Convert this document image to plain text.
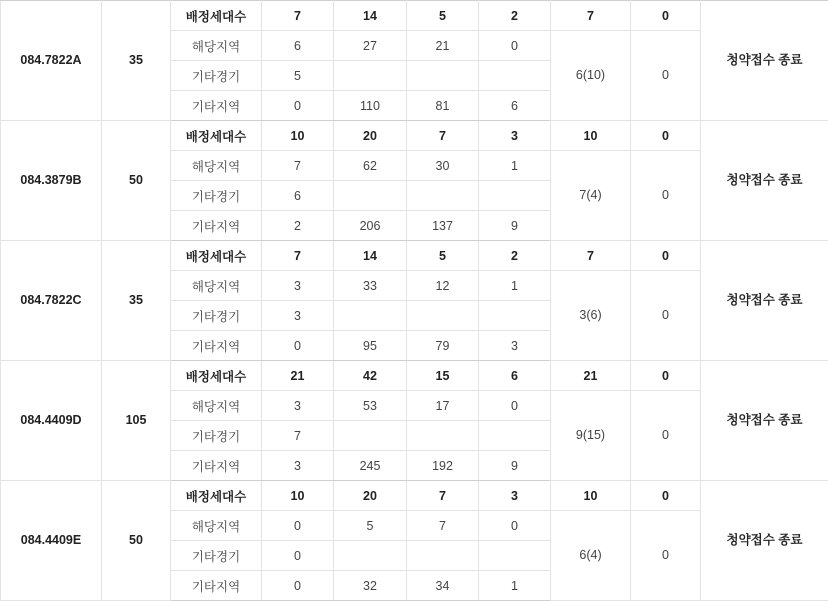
084.7822A	35	배정세대수	7	14	5	2	7	0	청약접수 종료
		해당지역	6	27	21	0	6(10)	0	
		기타경기	5						
		기타지역	0	110	81	6			
084.3879B	50	배정세대수	10	20	7	3	10	0	청약접수 종료
		해당지역	7	62	30	1	7(4)	0	
		기타경기	6						
		기타지역	2	206	137	9			
084.7822C	35	배정세대수	7	14	5	2	7	0	청약접수 종료
		해당지역	3	33	12	1	3(6)	0	
		기타경기	3						
		기타지역	0	95	79	3			
084.4409D	105	배정세대수	21	42	15	6	21	0	청약접수 종료
		해당지역	3	53	17	0	9(15)	0	
		기타경기	7						
		기타지역	3	245	192	9			
084.4409E	50	배정세대수	10	20	7	3	10	0	청약접수 종료
		해당지역	0	5	7	0	6(4)	0	
		기타경기	0						
		기타지역	0	32	34	1			
